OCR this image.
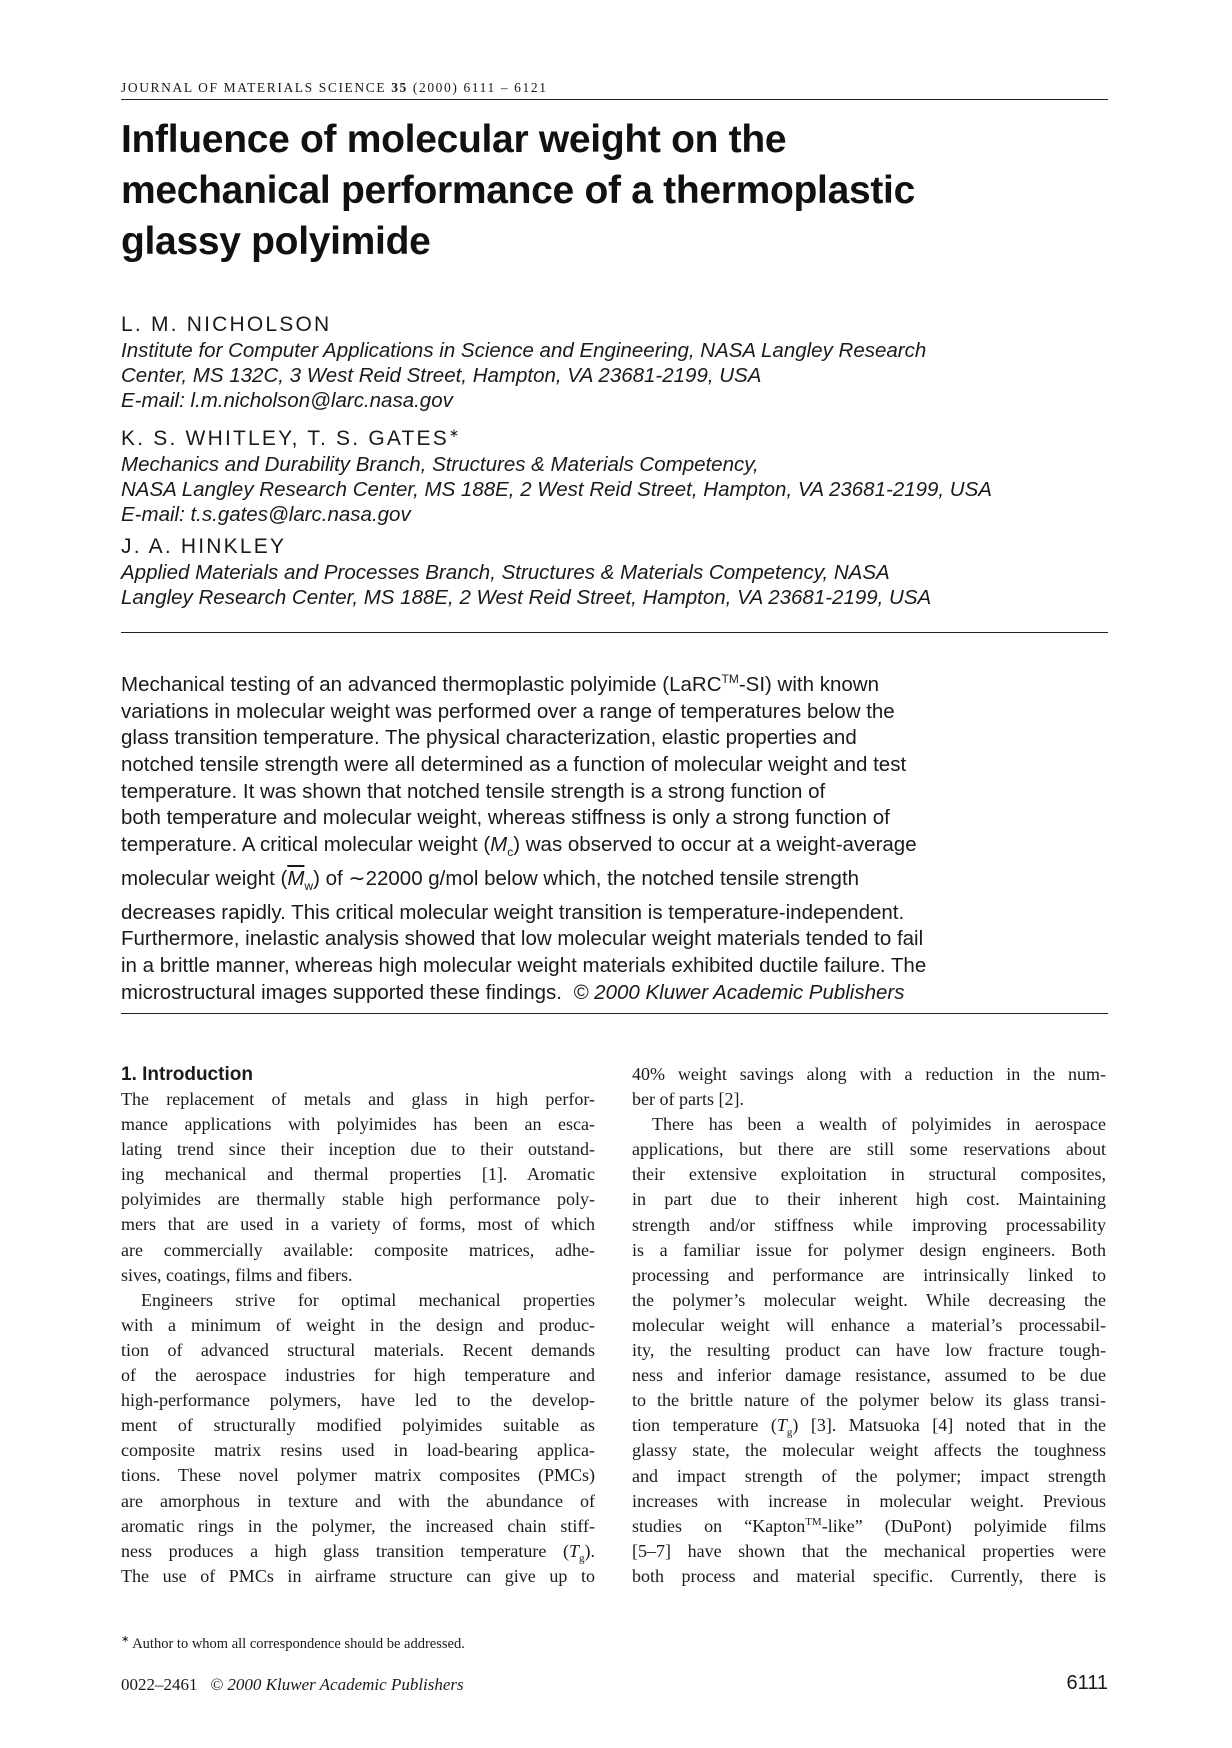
JOURNAL OF MATERIALS SCIENCE 35 (2000) 6111 – 6121
Influence of molecular weight on the
mechanical performance of a thermoplastic
glassy polyimide
L. M. NICHOLSON
Institute for Computer Applications in Science and Engineering, NASA Langley Research
Center, MS 132C, 3 West Reid Street, Hampton, VA 23681-2199, USA
E-mail: l.m.nicholson@larc.nasa.gov
K. S. WHITLEY, T. S. GATES∗
Mechanics and Durability Branch, Structures & Materials Competency,
NASA Langley Research Center, MS 188E, 2 West Reid Street, Hampton, VA 23681-2199, USA
E-mail: t.s.gates@larc.nasa.gov
J. A. HINKLEY
Applied Materials and Processes Branch, Structures & Materials Competency, NASA
Langley Research Center, MS 188E, 2 West Reid Street, Hampton, VA 23681-2199, USA
Mechanical testing of an advanced thermoplastic polyimide (LaRC™-SI) with known
variations in molecular weight was performed over a range of temperatures below the
glass transition temperature. The physical characterization, elastic properties and
notched tensile strength were all determined as a function of molecular weight and test
temperature. It was shown that notched tensile strength is a strong function of
both temperature and molecular weight, whereas stiffness is only a strong function of
temperature. A critical molecular weight $(M_c)$ was observed to occur at a weight-average
molecular weight $(\overline{M}_w)$ of ∼22000 g/mol below which, the notched tensile strength
decreases rapidly. This critical molecular weight transition is temperature-independent.
Furthermore, inelastic analysis showed that low molecular weight materials tended to fail
in a brittle manner, whereas high molecular weight materials exhibited ductile failure. The
microstructural images supported these findings. © 2000 Kluwer Academic Publishers
1. Introduction
The replacement of metals and glass in high perfor-
mance applications with polyimides has been an esca-
lating trend since their inception due to their outstand-
ing mechanical and thermal properties [1]. Aromatic
polyimides are thermally stable high performance poly-
mers that are used in a variety of forms, most of which
are commercially available: composite matrices, adhe-
sives, coatings, films and fibers.
Engineers strive for optimal mechanical properties
with a minimum of weight in the design and produc-
tion of advanced structural materials. Recent demands
of the aerospace industries for high temperature and
high-performance polymers, have led to the develop-
ment of structurally modified polyimides suitable as
composite matrix resins used in load-bearing applica-
tions. These novel polymer matrix composites (PMCs)
are amorphous in texture and with the abundance of
aromatic rings in the polymer, the increased chain stiff-
ness produces a high glass transition temperature $(T_g)$.
The use of PMCs in airframe structure can give up to
40% weight savings along with a reduction in the num-
ber of parts [2].
There has been a wealth of polyimides in aerospace
applications, but there are still some reservations about
their extensive exploitation in structural composites,
in part due to their inherent high cost. Maintaining
strength and/or stiffness while improving processability
is a familiar issue for polymer design engineers. Both
processing and performance are intrinsically linked to
the polymer’s molecular weight. While decreasing the
molecular weight will enhance a material’s processabil-
ity, the resulting product can have low fracture tough-
ness and inferior damage resistance, assumed to be due
to the brittle nature of the polymer below its glass transi-
tion temperature $(T_g)$ [3]. Matsuoka [4] noted that in the
glassy state, the molecular weight affects the toughness
and impact strength of the polymer; impact strength
increases with increase in molecular weight. Previous
studies on “Kapton™-like” (DuPont) polyimide films
[5–7] have shown that the mechanical properties were
both process and material specific. Currently, there is
∗ Author to whom all correspondence should be addressed.
0022–2461 © 2000 Kluwer Academic Publishers	6111
